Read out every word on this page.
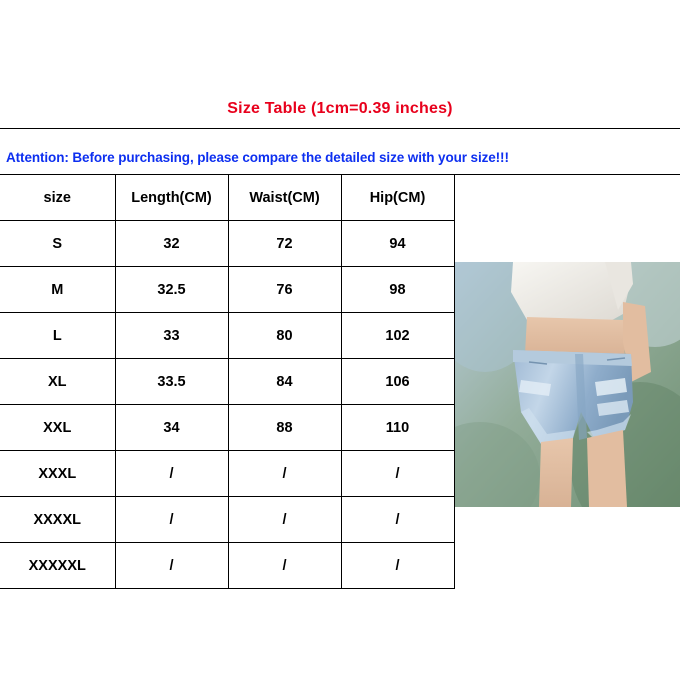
Size Table (1cm=0.39 inches)
Attention: Before purchasing, please compare the detailed size with your size!!!
size	Length(CM)	Waist(CM)	Hip(CM)
S	32	72	94
M	32.5	76	98
L	33	80	102
XL	33.5	84	106
XXL	34	88	110
XXXL	/	/	/
XXXXL	/	/	/
XXXXXL	/	/	/
